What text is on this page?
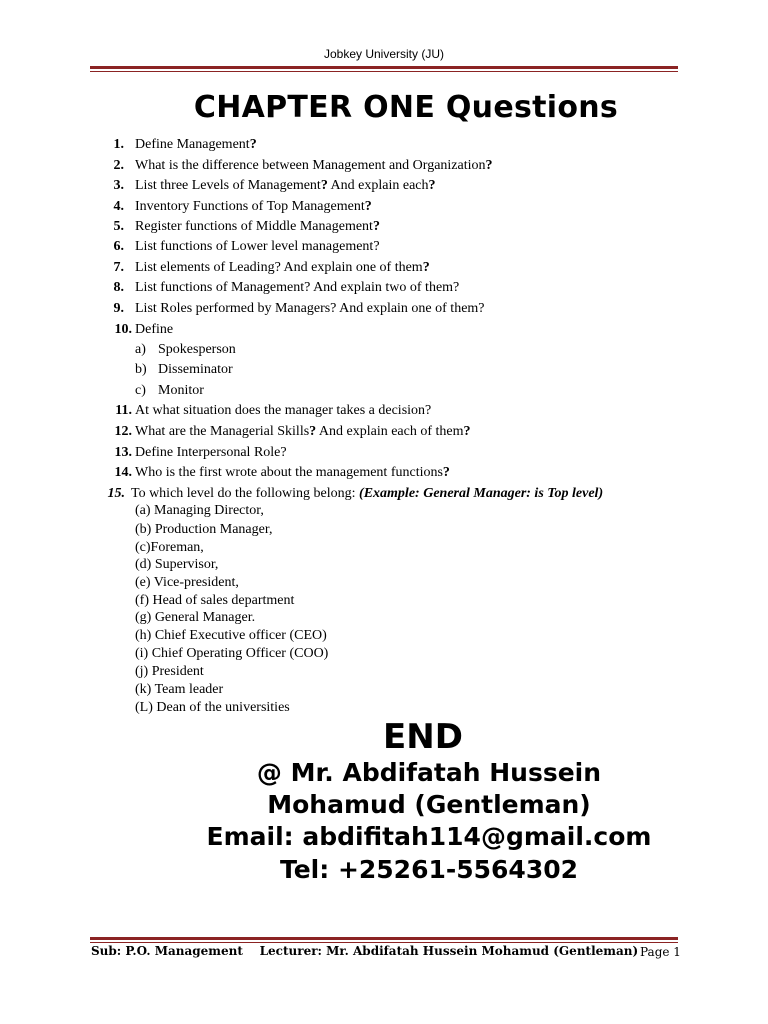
Jobkey University (JU)
CHAPTER ONE Questions
1. Define Management?
2. What is the difference between Management and Organization?
3. List three Levels of Management? And explain each?
4. Inventory Functions of Top Management?
5. Register functions of Middle Management?
6. List functions of Lower level management?
7. List elements of Leading? And explain one of them?
8. List functions of Management? And explain two of them?
9. List Roles performed by Managers? And explain one of them?
10. Define
a) Spokesperson
b) Disseminator
c) Monitor
11. At what situation does the manager takes a decision?
12. What are the Managerial Skills? And explain each of them?
13. Define Interpersonal Role?
14. Who is the first wrote about the management functions?
15. To which level do the following belong: (Example: General Manager: is Top level)
(a) Managing Director,
(b) Production Manager,
(c)Foreman,
(d) Supervisor,
(e) Vice-president,
(f) Head of sales department
(g) General Manager.
(h) Chief Executive officer (CEO)
(i) Chief Operating Officer (COO)
(j) President
(k) Team leader
(L) Dean of the universities
END
@ Mr. Abdifatah Hussein
Mohamud (Gentleman)
Email: abdifitah114@gmail.com
Tel: +25261-5564302
Sub: P.O. Management    Lecturer: Mr. Abdifatah Hussein Mohamud (Gentleman) Page 1
